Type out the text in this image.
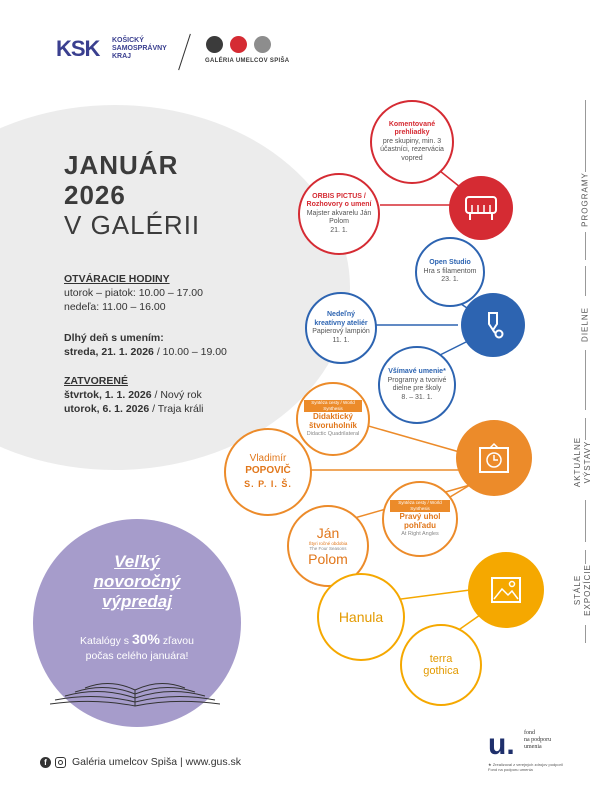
KSK KOŠICKÝ
SAMOSPRÁVNY
KRAJ
GALÉRIA UMELCOV SPIŠA
JANUÁR
2026
V GALÉRII
OTVÁRACIE HODINY
utorok – piatok: 10.00 – 17.00
nedeľa: 11.00 – 16.00
Dlhý deň s umením:
streda, 21. 1. 2026 / 10.00 – 19.00
ZATVORENÉ
štvrtok, 1. 1. 2026 / Nový rok
utorok, 6. 1. 2026 / Traja králi
Komentované prehliadky
pre skupiny, min. 3 účastníci, rezervácia vopred
ORBIS PICTUS / Rozhovory o umení
Majster akvarelu Ján Polom
21. 1.
PROGRAMY
Open Studio
Hra s filamentom
23. 1.
Nedeľný kreatívny ateliér
Papierový lampión
11. 1.
Všímavé umenie*
Programy a tvorivé dielne pre školy
8. – 31. 1.
DIELNE
Syntéza cesty / World Synthesis
Didaktický štvoruholník
Didactic Quadrilateral
Vladimír
POPOVIČ
S. P. I. Š.
Syntéza cesty / World Synthesis
Pravý uhol pohľadu
At Right Angles
Ján
Štyri ročné obdobia
The Four Seasons
Polom
AKTUÁLNE VÝSTAVY
Hanula
terra
gothica
STÁLE EXPOZÍCIE
Veľký
novoročný
výpredaj
Katalógy s 30% zľavou
počas celého januára!
f	Galéria umelcov Spiša | www.gus.sk
u. fond
na podporu
umenia
★ Zrealizoval z verejných zdrojov podporil
Fond na podporu umenia
